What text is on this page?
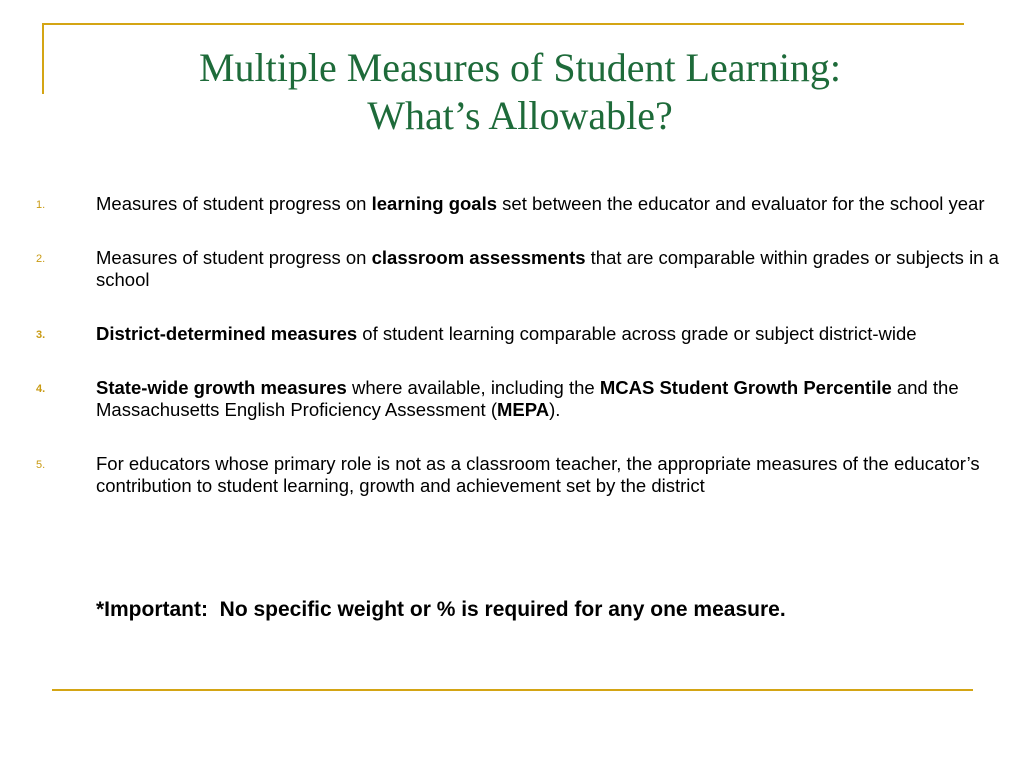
Multiple Measures of Student Learning:
What’s Allowable?
1.	Measures of student progress on learning goals set between the educator and evaluator for the school year
2.	Measures of student progress on classroom assessments that are comparable within grades or subjects in a school
3.	District-determined measures of student learning comparable across grade or subject district-wide
4.	State-wide growth measures where available, including the MCAS Student Growth Percentile and the Massachusetts English Proficiency Assessment (MEPA).
5.	For educators whose primary role is not as a classroom teacher, the appropriate measures of the educator’s contribution to student learning, growth and achievement set by the district
*Important:  No specific weight or % is required for any one measure.
